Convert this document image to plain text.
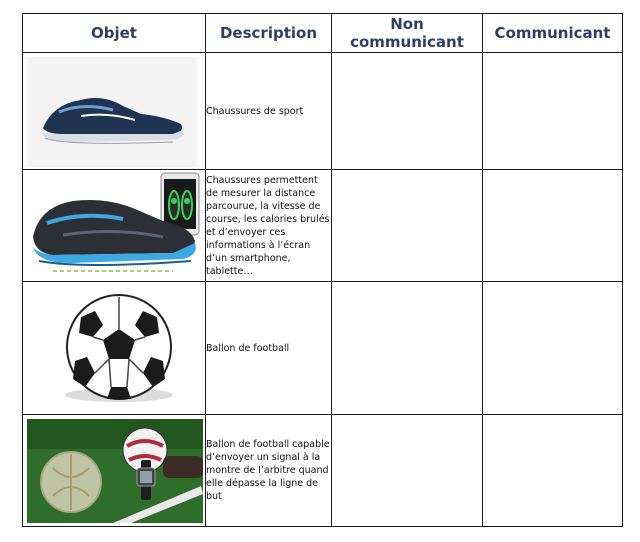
Objet	Description	Non communicant	Communicant

	Chaussures de sport		

	Chaussures permettent de mesurer la distance parcourue, la vitesse de course, les calories brulés et d’envoyer ces informations à l’écran d’un smartphone, tablette…		

	Ballon de football		

	Ballon de football capable d’envoyer un signal à la montre de l’arbitre quand elle dépasse la ligne de but		
